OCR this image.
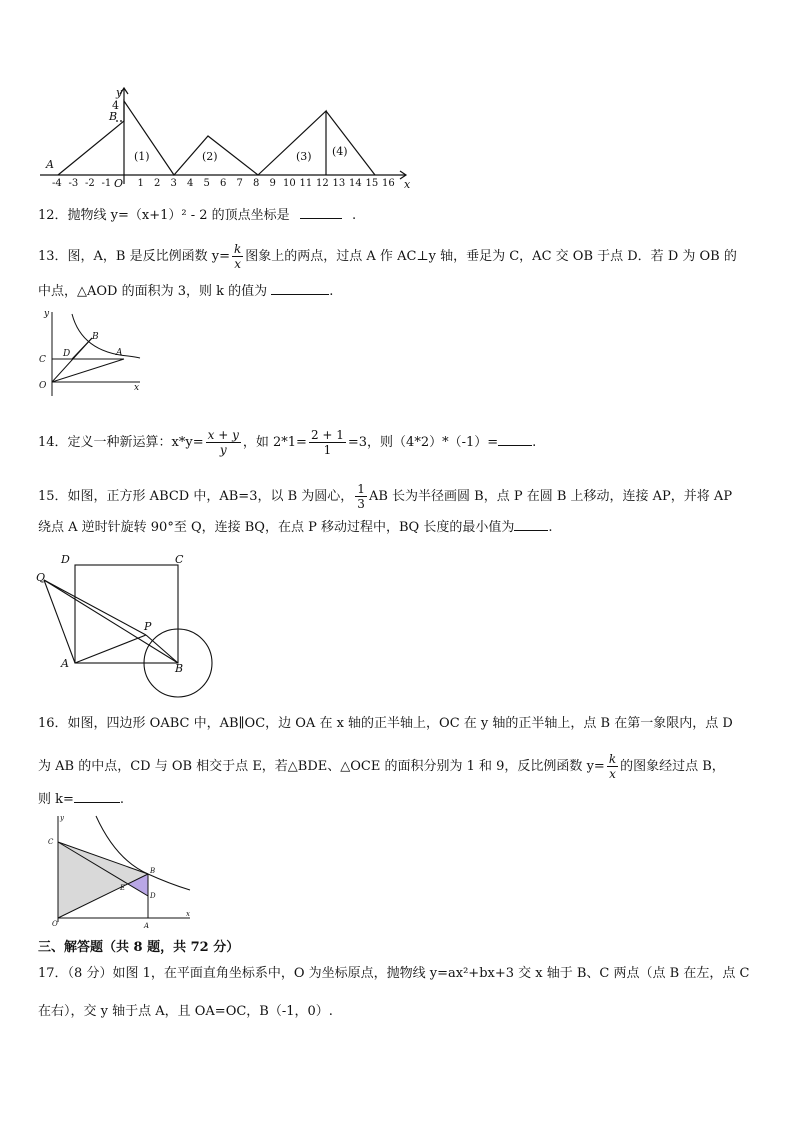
y
x
4
B
A
O
-4 -3 -2 -1	1 2 3 4 5 6 7 8 9 10 11 12 13 14 15 16
(1)	(2)	(3) (4)
12．抛物线 y=（x+1）² - 2 的顶点坐标是	.
13．图，A，B 是反比例函数 $y= \frac{k}{x}$ 图象上的两点，过点 A 作 AC⊥y 轴，垂足为 C，AC 交 OB 于点 D．若 D 为 OB 的
中点，△AOD 的面积为 3，则 k 的值为	.
y
x
B
C
D	A
O
14．定义一种新运算：$x*y= \frac{x + y}{y}$ ，如 $2*1= \frac{2 + 1}{1} =3$，则（4*2）*（-1）=	.
15．如图，正方形 ABCD 中，AB=3，以 B 为圆心， $\frac{1}{3}$ AB 长为半径画圆 B，点 P 在圆 B 上移动，连接 AP，并将 AP
绕点 A 逆时针旋转 90°至 Q，连接 BQ，在点 P 移动过程中，BQ 长度的最小值为	.
D	C
Q
P
A	B
16．如图，四边形 OABC 中，AB∥OC，边 OA 在 x 轴的正半轴上，OC 在 y 轴的正半轴上，点 B 在第一象限内，点 D
为 AB 的中点，CD 与 OB 相交于点 E，若△BDE、△OCE 的面积分别为 1 和 9，反比例函数 $y= \frac{k}{x}$ 的图象经过点 B，
则 k=	.
y
x
C
B
E
D
O	A
三、解答题（共 8 题，共 72 分）
17．（8 分）如图 1，在平面直角坐标系中，O 为坐标原点，抛物线 y=ax²+bx+3 交 x 轴于 B、C 两点（点 B 在左，点 C
在右），交 y 轴于点 A，且 OA=OC，B（-1，0）.
